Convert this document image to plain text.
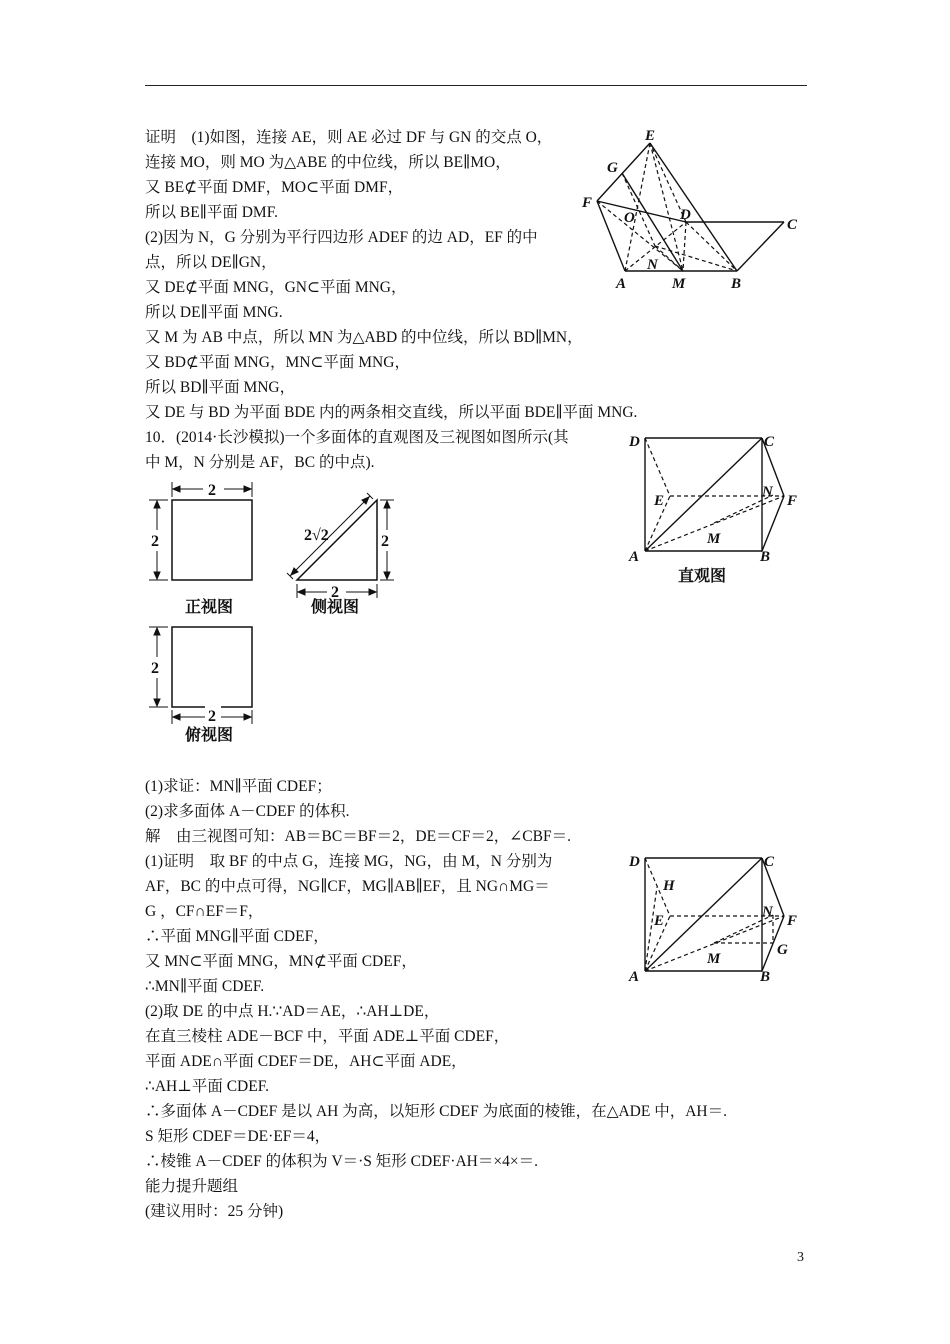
证明　(1)如图，连接 AE，则 AE 必过 DF 与 GN 的交点 O，
连接 MO，则 MO 为△ABE 的中位线，所以 BE∥MO，
又 BE⊄平面 DMF，MO⊂平面 DMF，
所以 BE∥平面 DMF.
(2)因为 N，G 分别为平行四边形 ADEF 的边 AD，EF 的中
点，所以 DE∥GN，
又 DE⊄平面 MNG，GN⊂平面 MNG，
所以 DE∥平面 MNG.
又 M 为 AB 中点，所以 MN 为△ABD 的中位线，所以 BD∥MN，
又 BD⊄平面 MNG，MN⊂平面 MNG，
所以 BD∥平面 MNG，
又 DE 与 BD 为平面 BDE 内的两条相交直线，所以平面 BDE∥平面 MNG.
10．(2014·长沙模拟)一个多面体的直观图及三视图如图所示(其
中 M，N 分别是 AF，BC 的中点).
(1)求证：MN∥平面 CDEF；
(2)求多面体 A－CDEF 的体积.
解　由三视图可知：AB＝BC＝BF＝2，DE＝CF＝2，∠CBF＝.
(1)证明　取 BF 的中点 G，连接 MG，NG，由 M，N 分别为
AF，BC 的中点可得，NG∥CF，MG∥AB∥EF，且 NG∩MG＝
G ，CF∩EF＝F，
∴平面 MNG∥平面 CDEF，
又 MN⊂平面 MNG，MN⊄平面 CDEF，
∴MN∥平面 CDEF.
(2)取 DE 的中点 H.∵AD＝AE，∴AH⊥DE，
在直三棱柱 ADE－BCF 中，平面 ADE⊥平面 CDEF，
平面 ADE∩平面 CDEF＝DE，AH⊂平面 ADE，
∴AH⊥平面 CDEF.
∴多面体 A－CDEF 是以 AH 为高，以矩形 CDEF 为底面的棱锥，在△ADE 中，AH＝.
S 矩形 CDEF＝DE·EF＝4，
∴棱锥 A－CDEF 的体积为 V＝·S 矩形 CDEF·AH＝×4×＝.
能力提升题组
(建议用时：25 分钟)
E
G
F
O	D
C
N
A	M	B
2
2
正视图
2√2	2
2
侧视图
2
2
俯视图
D	C
E
N
F
M
A	B
直观图
D	C
H
E
N
F
G
M
A	B
3
